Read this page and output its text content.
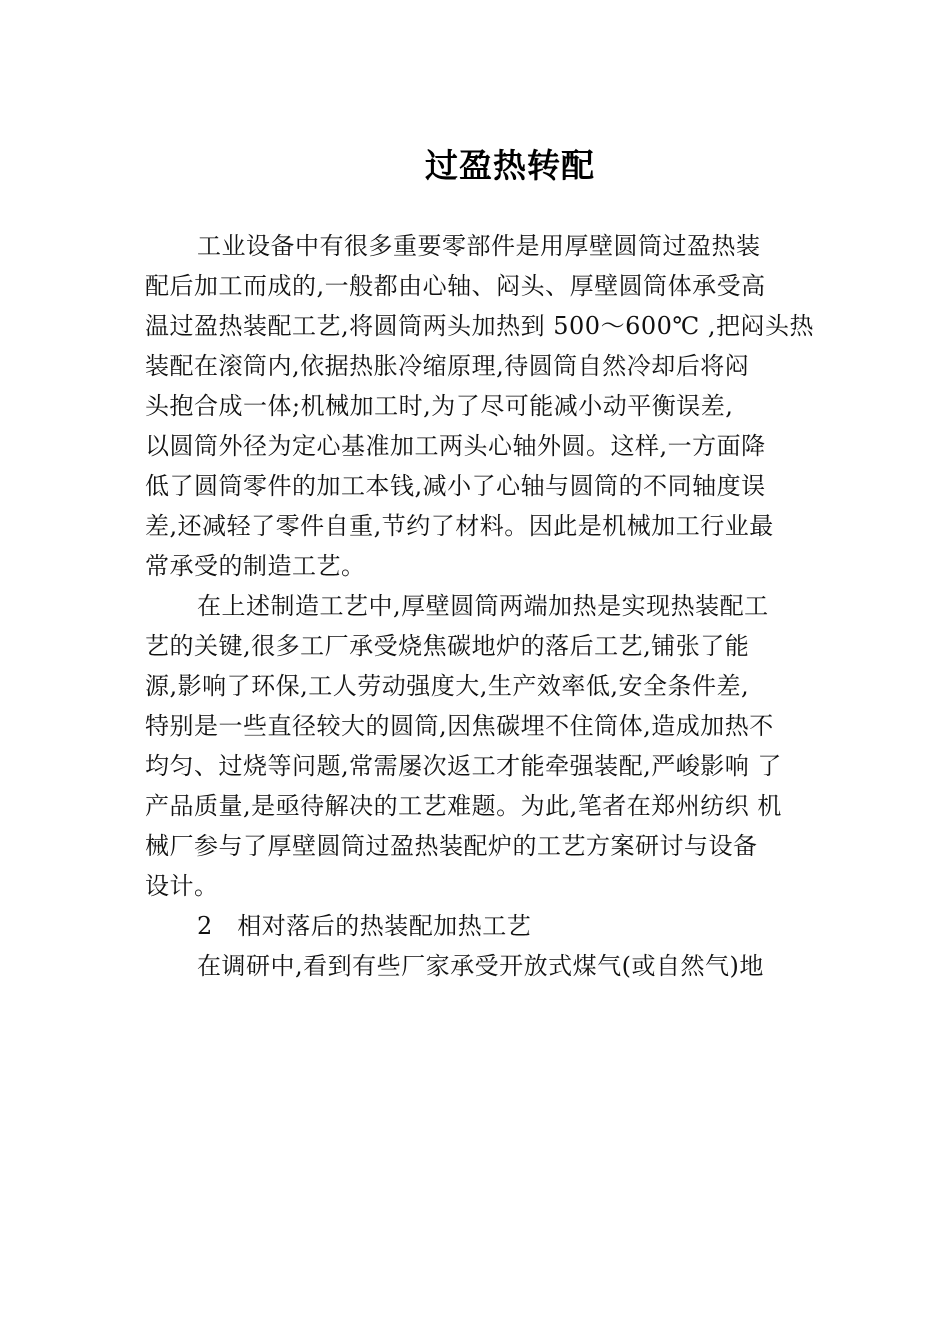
过盈热转配
工业设备中有很多重要零部件是用厚壁圆筒过盈热装
配后加工而成的,一般都由心轴、闷头、厚壁圆筒体承受高
温过盈热装配工艺,将圆筒两头加热到 500～600℃ ,把闷头热
装配在滚筒内,依据热胀冷缩原理,待圆筒自然冷却后将闷
头抱合成一体;机械加工时,为了尽可能减小动平衡误差,
以圆筒外径为定心基准加工两头心轴外圆。这样,一方面降
低了圆筒零件的加工本钱,减小了心轴与圆筒的不同轴度误
差,还减轻了零件自重,节约了材料。因此是机械加工行业最
常承受的制造工艺。
在上述制造工艺中,厚壁圆筒两端加热是实现热装配工
艺的关键,很多工厂承受烧焦碳地炉的落后工艺,铺张了能
源,影响了环保,工人劳动强度大,生产效率低,安全条件差,
特别是一些直径较大的圆筒,因焦碳埋不住筒体,造成加热不
均匀、过烧等问题,常需屡次返工才能牵强装配,严峻影响 了
产品质量,是亟待解决的工艺难题。为此,笔者在郑州纺织 机
械厂参与了厚壁圆筒过盈热装配炉的工艺方案研讨与设备
设计。
2　相对落后的热装配加热工艺
在调研中,看到有些厂家承受开放式煤气(或自然气)地
